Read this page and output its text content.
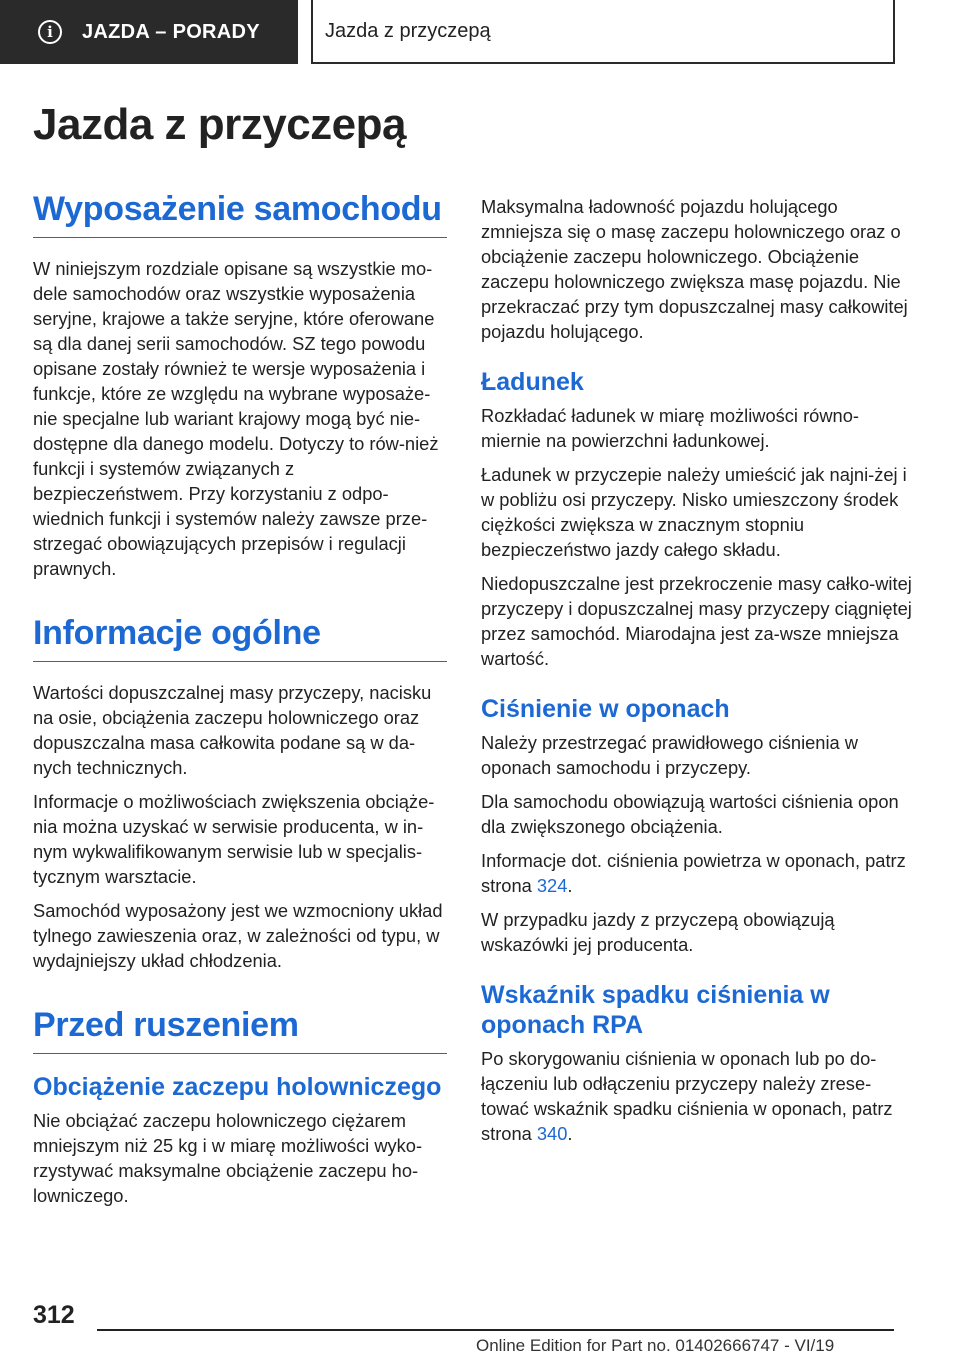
i	JAZDA – PORADY	Jazda z przyczepą
Jazda z przyczepą
Wyposażenie samochodu

W niniejszym rozdziale opisane są wszystkie mo-dele samochodów oraz wszystkie wyposażenia seryjne, krajowe a także seryjne, które oferowane są dla danej serii samochodów. SZ tego powodu opisane zostały również te wersje wyposażenia i funkcje, które ze względu na wybrane wyposaże-nie specjalne lub wariant krajowy mogą być nie-dostępne dla danego modelu. Dotyczy to rów-nież funkcji i systemów związanych z bezpieczeństwem. Przy korzystaniu z odpo-wiednich funkcji i systemów należy zawsze prze-strzegać obowiązujących przepisów i regulacji prawnych.

Informacje ogólne

Wartości dopuszczalnej masy przyczepy, nacisku na osie, obciążenia zaczepu holowniczego oraz dopuszczalna masa całkowita podane są w da-nych technicznych.

Informacje o możliwościach zwiększenia obciąże-nia można uzyskać w serwisie producenta, w in-nym wykwalifikowanym serwisie lub w specjalis-tycznym warsztacie.

Samochód wyposażony jest we wzmocniony układ tylnego zawieszenia oraz, w zależności od typu, w wydajniejszy układ chłodzenia.

Przed ruszeniem
Obciążenie zaczepu holowniczego

Nie obciążać zaczepu holowniczego ciężarem mniejszym niż 25 kg i w miarę możliwości wyko-rzystywać maksymalne obciążenie zaczepu ho-lowniczego.

Maksymalna ładowność pojazdu holującego zmniejsza się o masę zaczepu holowniczego oraz o obciążenie zaczepu holowniczego. Obciążenie zaczepu holowniczego zwiększa masę pojazdu. Nie przekraczać przy tym dopuszczalnej masy całkowitej pojazdu holującego.

Ładunek

Rozkładać ładunek w miarę możliwości równo-miernie na powierzchni ładunkowej.

Ładunek w przyczepie należy umieścić jak najni-żej i w pobliżu osi przyczepy. Nisko umieszczony środek ciężkości zwiększa w znacznym stopniu bezpieczeństwo jazdy całego składu.

Niedopuszczalne jest przekroczenie masy całko-witej przyczepy i dopuszczalnej masy przyczepy ciągniętej przez samochód. Miarodajna jest za-wsze mniejsza wartość.

Ciśnienie w oponach

Należy przestrzegać prawidłowego ciśnienia w oponach samochodu i przyczepy.

Dla samochodu obowiązują wartości ciśnienia opon dla zwiększonego obciążenia.

Informacje dot. ciśnienia powietrza w oponach, patrz strona 324.

W przypadku jazdy z przyczepą obowiązują wskazówki jej producenta.

Wskaźnik spadku ciśnienia w oponach RPA

Po skorygowaniu ciśnienia w oponach lub po do-łączeniu lub odłączeniu przyczepy należy zrese-tować wskaźnik spadku ciśnienia w oponach, patrz strona 340.

312
Online Edition for Part no. 01402666747 - VI/19
